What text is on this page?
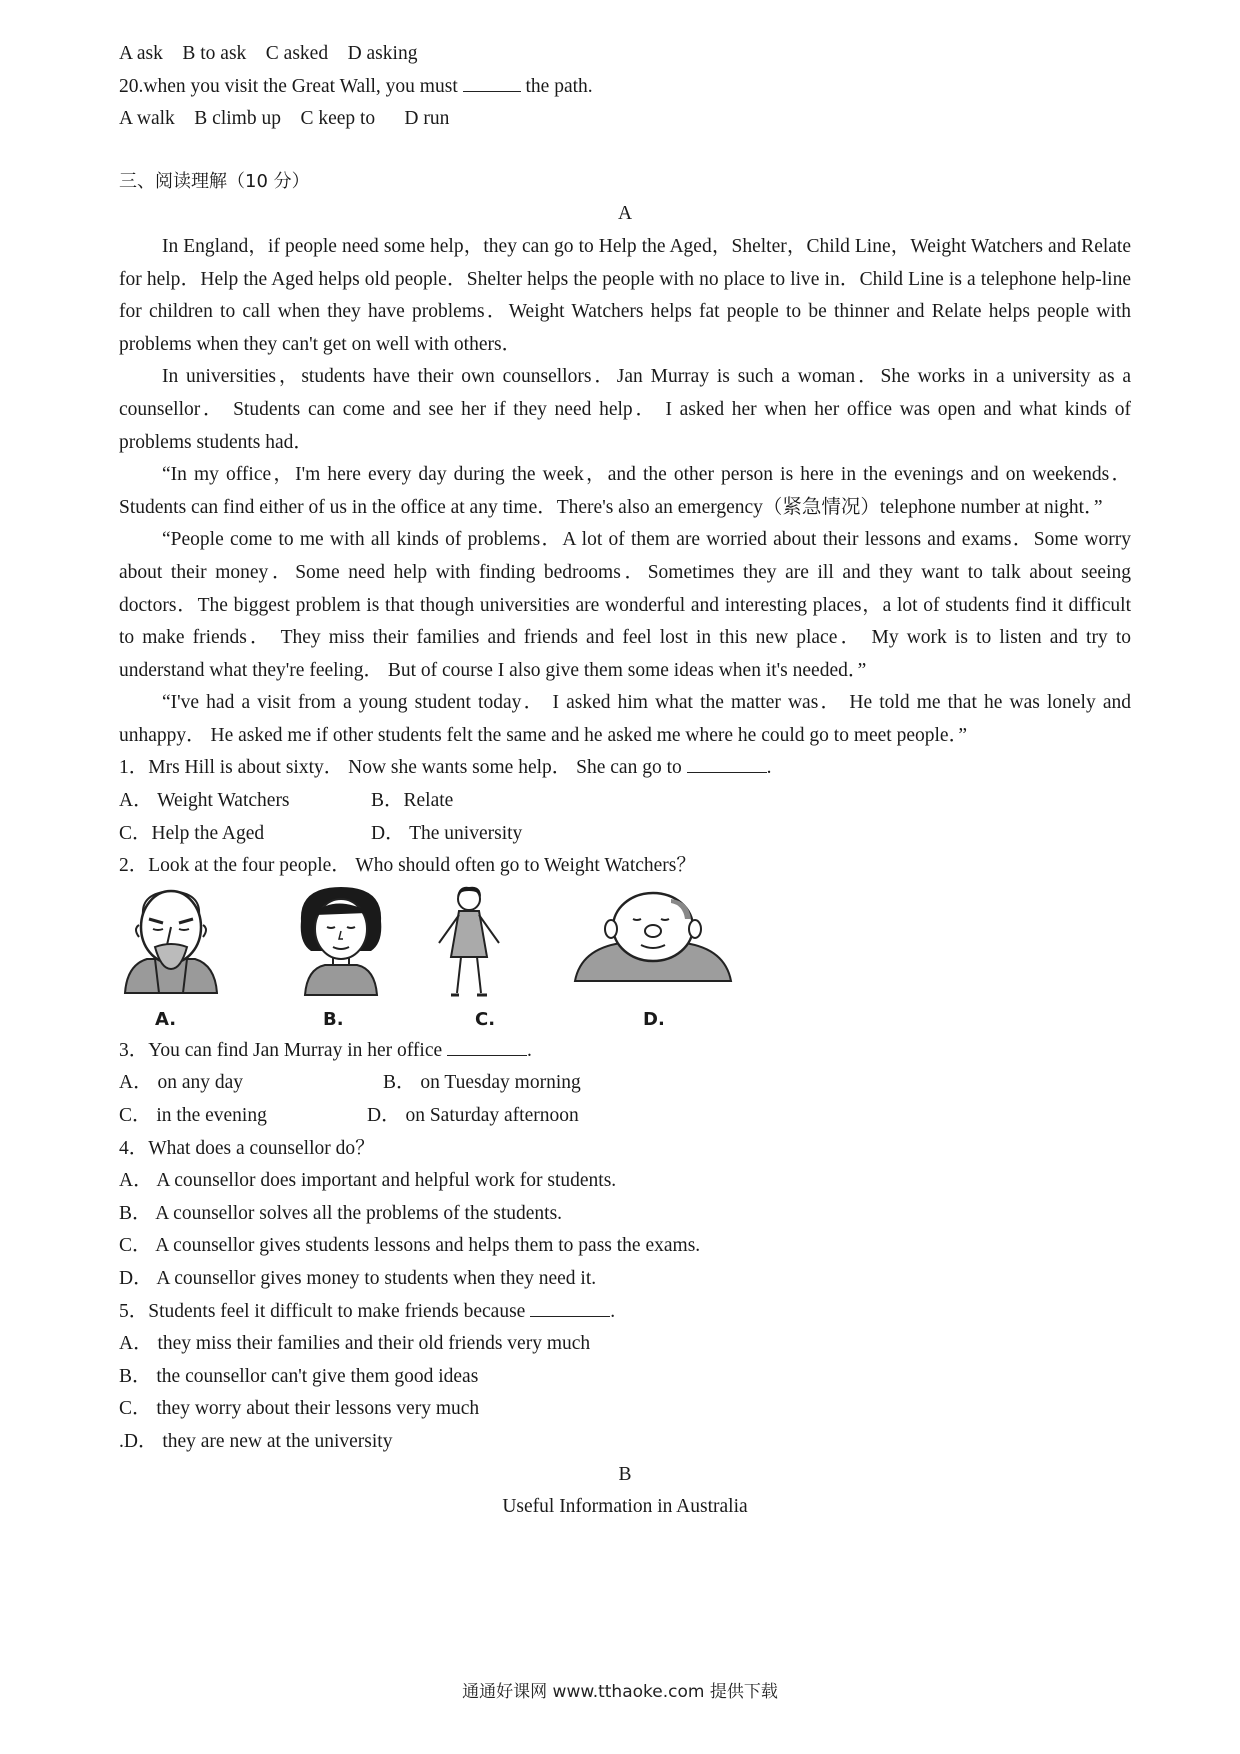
A ask    B to ask    C asked    D asking
20.when you visit the Great Wall, you must	the path.
A walk    B climb up    C keep to      D run
三、阅读理解（10 分）
A

In England，if people need some help，they can go to Help the Aged，Shelter，Child Line，Weight Watchers and Relate for help．Help the Aged helps old people．Shelter helps the people with no place to live in．Child Line is a telephone help-line for children to call when they have problems．Weight Watchers helps fat people to be thinner and Relate helps people with problems when they can't get on well with others．

In universities，students have their own counsellors．Jan Murray is such a woman．She works in a university as a counsellor． Students can come and see her if they need help． I asked her when her office was open and what kinds of problems students had．

“In my office，I'm here every day during the week，and the other person is here in the evenings and on weekends．Students can find either of us in the office at any time．There's also an emergency（紧急情况）telephone number at night．”

“People come to me with all kinds of problems．A lot of them are worried about their lessons and exams．Some worry about their money．Some need help with finding bedrooms．Sometimes they are ill and they want to talk about seeing doctors．The biggest problem is that though universities are wonderful and interesting places，a lot of students find it difficult to make friends． They miss their families and friends and feel lost in this new place． My work is to listen and try to understand what they're feeling． But of course I also give them some ideas when it's needed．”

“I've had a visit from a young student today． I asked him what the matter was． He told me that he was lonely and unhappy． He asked me if other students felt the same and he asked me where he could go to meet people．”

1．Mrs Hill is about sixty． Now she wants some help． She can go to	.
A． Weight Watchers	B．Relate
C．Help the Aged	D． The university
2．Look at the four people． Who should often go to Weight Watchers？
A.	B.	C.	D.
3．You can find Jan Murray in her office	.
A． on any day	B． on Tuesday morning
C． in the evening	D． on Saturday afternoon
4．What does a counsellor do？
A． A counsellor does important and helpful work for students.
B． A counsellor solves all the problems of the students.
C． A counsellor gives students lessons and helps them to pass the exams.
D． A counsellor gives money to students when they need it.
5．Students feel it difficult to make friends because	.
A． they miss their families and their old friends very much
B． the counsellor can't give them good ideas
C． they worry about their lessons very much
.D． they are new at the university
B
Useful Information in Australia
通通好课网 www.tthaoke.com 提供下载
